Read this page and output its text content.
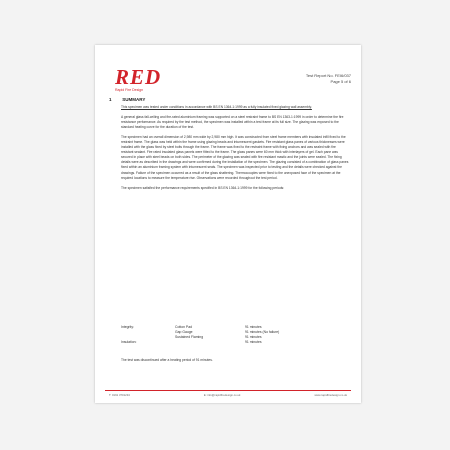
RED
Rapid Fire Design
Test Report No. FEI6/037
Page 5 of 6
1 SUMMARY

This specimen was tested under conditions in accordance with BS EN 1364-1:1999 as a fully insulated fixed glazing wall assembly.

A general glass fall-ceiling and fire-rated aluminium framing was supported on a steel restraint frame to BS EN 1363-1:1999 in order to determine the fire resistance performance. As required by the test method, the specimen was installed within a test frame at its full size. The glazing was exposed to the standard heating curve for the duration of the test.

The specimen had an overall dimension of 2,980 mm wide by 2,980 mm high. It was constructed from steel frame members with insulated infill fixed to the restraint frame. The glass was held within the frame using glazing beads and intumescent gaskets. Fire resistant glass panes of various thicknesses were installed with the glass fixed by steel bolts through the frame. The frame was fixed to the restraint frame with fixing anchors and was sealed with fire resistant sealant. Fire rated insulated glass panels were fitted to the frame. The glass panes were 60 mm thick with interlayers of gel. Each pane was secured in place with steel beads on both sides. The perimeter of the glazing was sealed with fire resistant mastic and the joints were sealed. The fixing details were as described in the drawings and were confirmed during the installation of the specimen. The glazing consisted of a combination of glass panes fixed within an aluminium framing system with intumescent seals. The specimen was inspected prior to testing and the details were checked against the drawings. Failure of the specimen occurred as a result of the glass shattering. Thermocouples were fixed to the unexposed face of the specimen at the required locations to measure the temperature rise. Observations were recorded throughout the test period.

The specimen satisfied the performance requirements specified in BS EN 1364-1:1999 for the following periods:

Integrity:	Cotton Pad	91 minutes
	Gap Gauge	91 minutes (No failure)
	Sustained Flaming	91 minutes
Insulation:		91 minutes
The test was discontinued after a heating period of 91 minutes.
T: 0191 3701234	E: info@rapidfiredesign.co.uk	www.rapidfiredesign.co.uk
